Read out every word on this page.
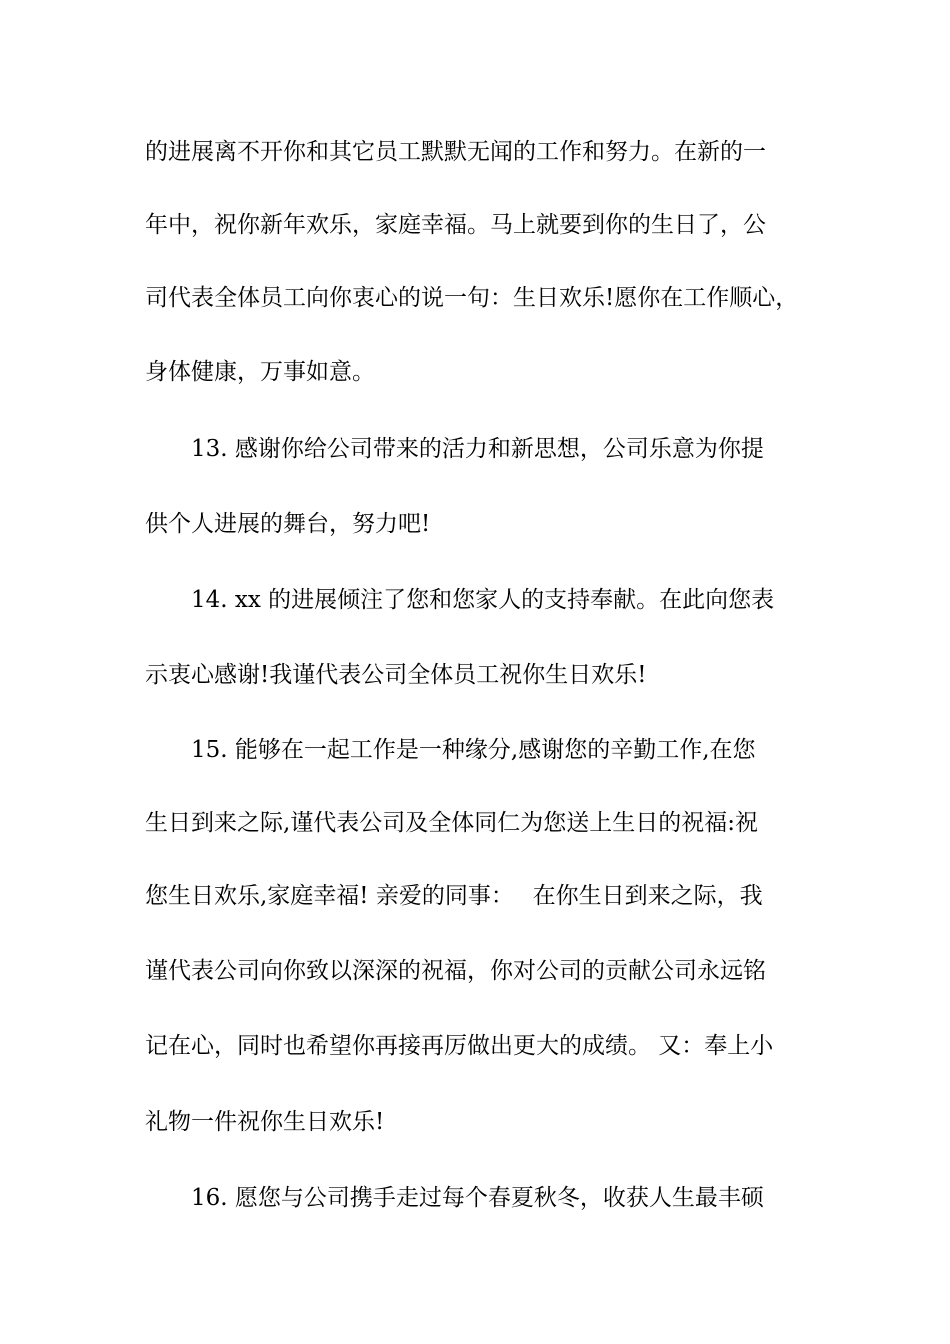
的进展离不开你和其它员工默默无闻的工作和努力。在新的一
年中，祝你新年欢乐，家庭幸福。马上就要到你的生日了，公
司代表全体员工向你衷心的说一句：生日欢乐!愿你在工作顺心，
身体健康，万事如意。
　　13. 感谢你给公司带来的活力和新思想，公司乐意为你提
供个人进展的舞台，努力吧!
　　14. xx 的进展倾注了您和您家人的支持奉献。在此向您表
示衷心感谢!我谨代表公司全体员工祝你生日欢乐!
　　15. 能够在一起工作是一种缘分,感谢您的辛勤工作,在您
生日到来之际,谨代表公司及全体同仁为您送上生日的祝福:祝
您生日欢乐,家庭幸福! 亲爱的同事：　 在你生日到来之际，我
谨代表公司向你致以深深的祝福，你对公司的贡献公司永远铭
记在心，同时也希望你再接再厉做出更大的成绩。 又：奉上小
礼物一件祝你生日欢乐!
　　16. 愿您与公司携手走过每个春夏秋冬，收获人生最丰硕
